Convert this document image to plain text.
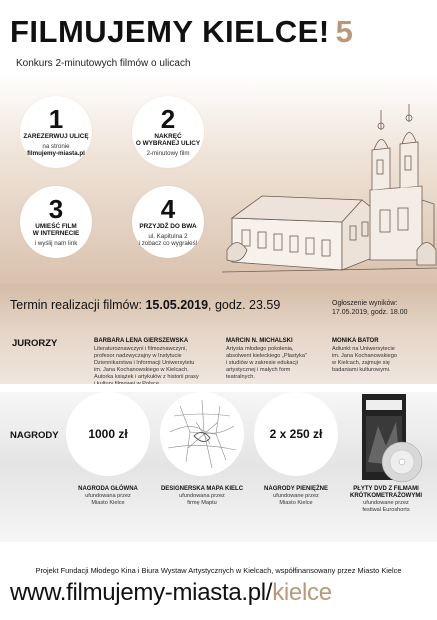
FILMUJEMY KIELCE! 5
Konkurs 2-minutowych filmów o ulicach
1
ZAREZERWUJ ULICĘ
na stronie
filmujemy-miasta.pl
2
NAKRĘĆ
O WYBRANEJ ULICY
2-minutowy film
3
UMIEŚĆ FILM
W INTERNECIE
i wyślij nam link
4
PRZYJDŹ DO BWA
ul. Kapitulna 2
i zobacz co wygrałeś!
Termin realizacji filmów: 15.05.2019, godz. 23.59	Ogłoszenie wyników:
17.05.2019, godz. 18.00
JURORZY	BARBARA LENA GIERSZEWSKA
Literaturoznawczyni i filmoznawczyni,
profesor nadzwyczajny w Instytucie
Dziennikarstwa i Informacji Uniwersytetu
im. Jana Kochanowskiego w Kielcach.
Autorka książek i artykułów z historii prasy
MARCIN N. MICHALSKI
Artysta młodego pokolenia,
absolwent kieleckiego „Plastyka”
i studiów w zakresie edukacji
artystycznej i małych form
teatralnych.
MONIKA BATOR
Adiunkt na Uniwersytecie
im. Jana Kochanowskiego
w Kielcach, zajmuje się
badaniami kulturowymi.
NAGRODY 1000 zł	2 x 250 zł
NAGRODA GŁÓWNA
ufundowana przez
Miasto Kielce
DESIGNERSKA MAPA KIELC
ufundowana przez
firmę Maptu
NAGRODY PIENIĘŻNE
ufundowane przez
Miasto Kielce
PŁYTY DVD Z FILMAMI KRÓTKOMETRAŻOWYMI
ufundowane przez
festiwal Euroshorts
Projekt Fundacji Młodego Kina i Biura Wystaw Artystycznych w Kielcach, współfinansowany przez Miasto Kielce
www.filmujemy-miasta.pl/kielce
